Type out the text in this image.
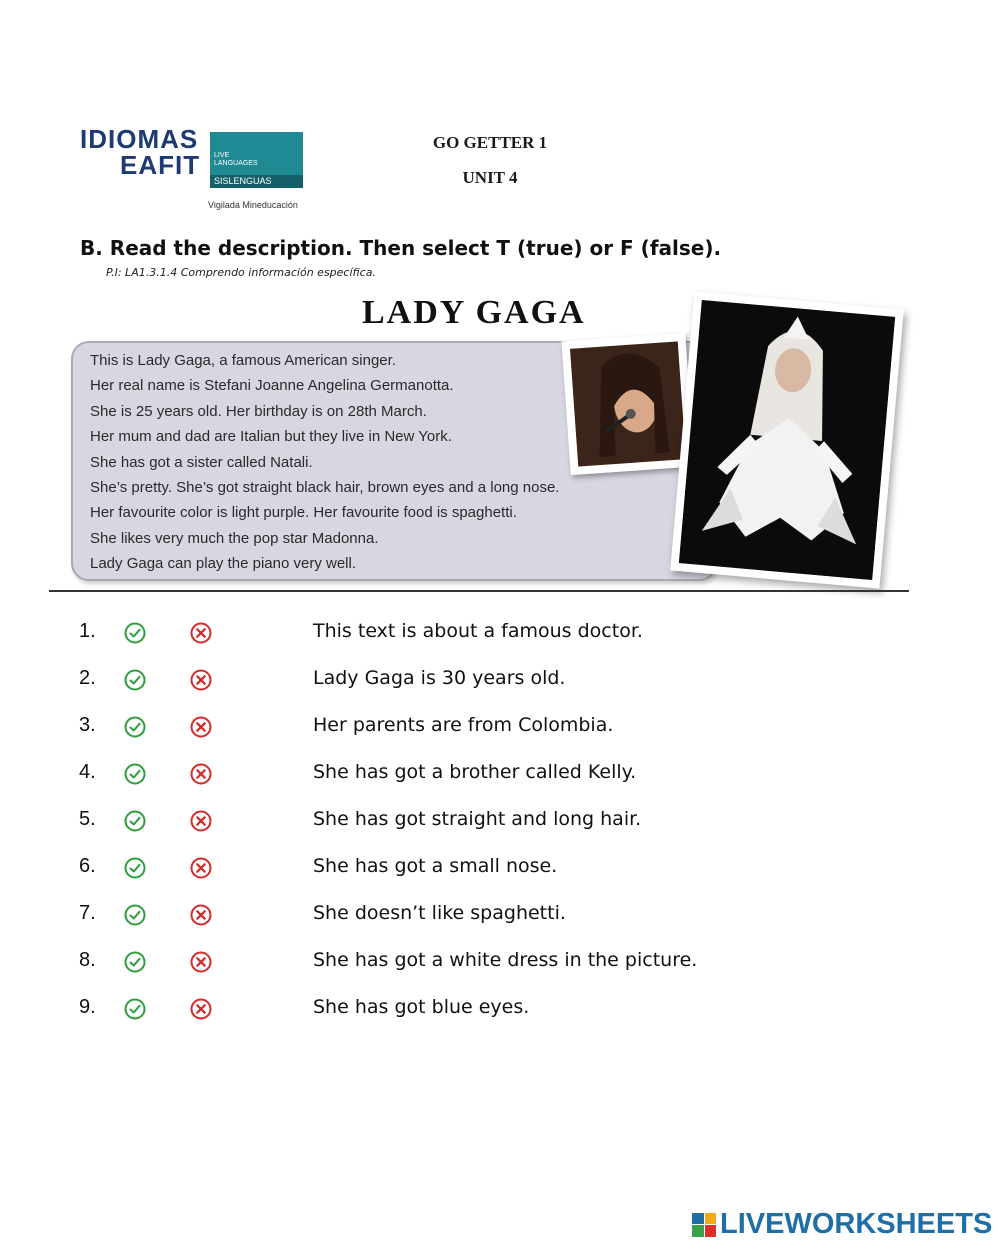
IDIOMAS
EAFIT LIVE
LANGUAGES
SISLENGUAS
Vigilada Mineducación
GO GETTER 1
UNIT 4
B. Read the description. Then select T (true) or F (false).
P.I: LA1.3.1.4 Comprendo información específica.
LADY GAGA
This is Lady Gaga, a famous American singer.
Her real name is Stefani Joanne Angelina Germanotta.
She is 25 years old. Her birthday is on 28th March.
Her mum and dad are Italian but they live in New York.
She has got a sister called Natali.
She’s pretty. She’s got straight black hair, brown eyes and a long nose.
Her favourite color is light purple. Her favourite food is spaghetti.
She likes very much the pop star Madonna.
Lady Gaga can play the piano very well.
1.	This text is about a famous doctor.
2.	Lady Gaga is 30 years old.
3.	Her parents are from Colombia.
4.	She has got a brother called Kelly.
5.	She has got straight and long hair.
6.	She has got a small nose.
7.	She doesn’t like spaghetti.
8.	She has got a white dress in the picture.
9.	She has got blue eyes.
LIVEWORKSHEETS
